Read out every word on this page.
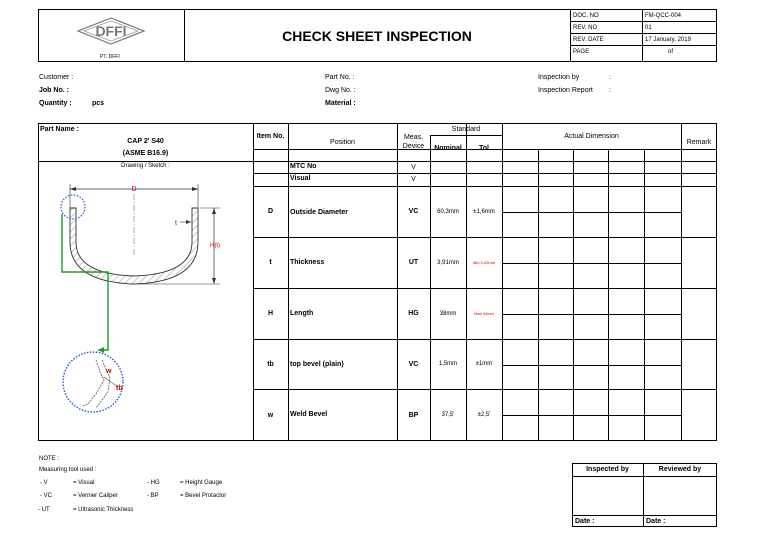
DFFI
PT. DFFI
CHECK SHEET INSPECTION
DOC. NO	FM-QCC-004
REV. NO	01
REV. DATE	17 January, 2019
PAGE	of
Customer :
Job No. :
Quantity :	pcs
Part No. :
Dwg No. :
Material :
Inspection by	:
Inspection Report :
Part Name :
CAP 2' S40
(ASME B16.9)
Drawing / Sketch :
Item No.
Position
Meas. Device
Standard
Nominal	Tol
Actual Dimension
Remark
MTC No	V
Visual	V
D	Outside Diameter	VC	60,3mm	±1,6mm
t	Thickness	UT	3,91mm	Min 3,42mm
H	Length	HG	38mm	Max 44mm
tb	top bevel (plain)	VC	1,5mm	±1mm
w	Weld Bevel	BP	37,5'	±2,5'
D
t
H(t)
w
tb
NOTE :
Measuring tool used :
- V	= Visual	- HG	= Height Gauge
- VC	= Vernier Caliper	- BP	= Bevel Protactor
- UT	= Ultrasonic Thickness
Inspected by	Reviewed by
Date :	Date :
